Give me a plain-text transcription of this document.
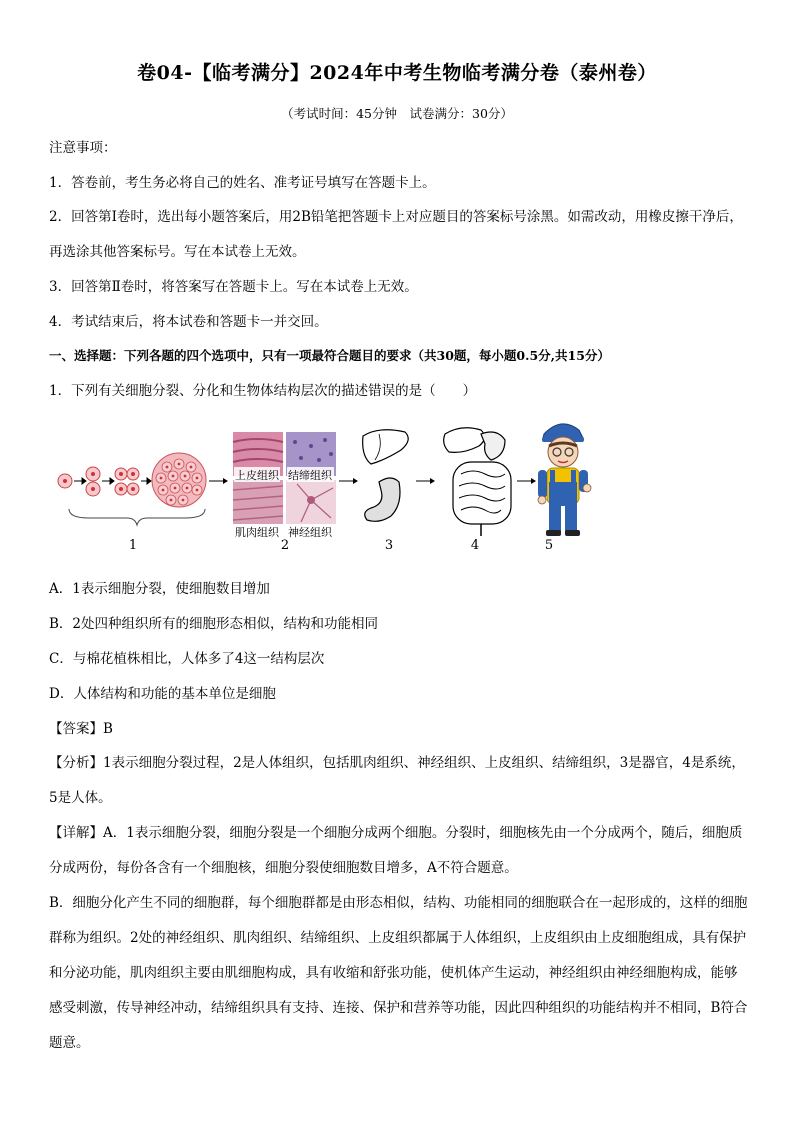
卷04-【临考满分】2024年中考生物临考满分卷（泰州卷）
（考试时间：45分钟　试卷满分：30分）
注意事项：
1．答卷前，考生务必将自己的姓名、准考证号填写在答题卡上。
2．回答第Ⅰ卷时，选出每小题答案后，用2B铅笔把答题卡上对应题目的答案标号涂黑。如需改动，用橡皮擦干净后，再选涂其他答案标号。写在本试卷上无效。
3．回答第Ⅱ卷时，将答案写在答题卡上。写在本试卷上无效。
4．考试结束后，将本试卷和答题卡一并交回。
一、选择题：下列各题的四个选项中，只有一项最符合题目的要求（共30题，每小题0.5分,共15分）
1．下列有关细胞分裂、分化和生物体结构层次的描述错误的是（　　）
上皮组织 结缔组织
肌肉组织 神经组织
1	2	3	4	5
A．1表示细胞分裂，使细胞数目增加
B．2处四种组织所有的细胞形态相似，结构和功能相同
C．与棉花植株相比，人体多了4这一结构层次
D．人体结构和功能的基本单位是细胞
【答案】B
【分析】1表示细胞分裂过程，2是人体组织，包括肌肉组织、神经组织、上皮组织、结缔组织，3是器官，4是系统，5是人体。
【详解】A．1表示细胞分裂，细胞分裂是一个细胞分成两个细胞。分裂时，细胞核先由一个分成两个，随后，细胞质分成两份，每份各含有一个细胞核，细胞分裂使细胞数目增多，A不符合题意。
B．细胞分化产生不同的细胞群，每个细胞群都是由形态相似，结构、功能相同的细胞联合在一起形成的，这样的细胞群称为组织。2处的神经组织、肌肉组织、结缔组织、上皮组织都属于人体组织，上皮组织由上皮细胞组成，具有保护和分泌功能，肌肉组织主要由肌细胞构成，具有收缩和舒张功能，使机体产生运动，神经组织由神经细胞构成，能够感受刺激，传导神经冲动，结缔组织具有支持、连接、保护和营养等功能，因此四种组织的功能结构并不相同，B符合题意。
